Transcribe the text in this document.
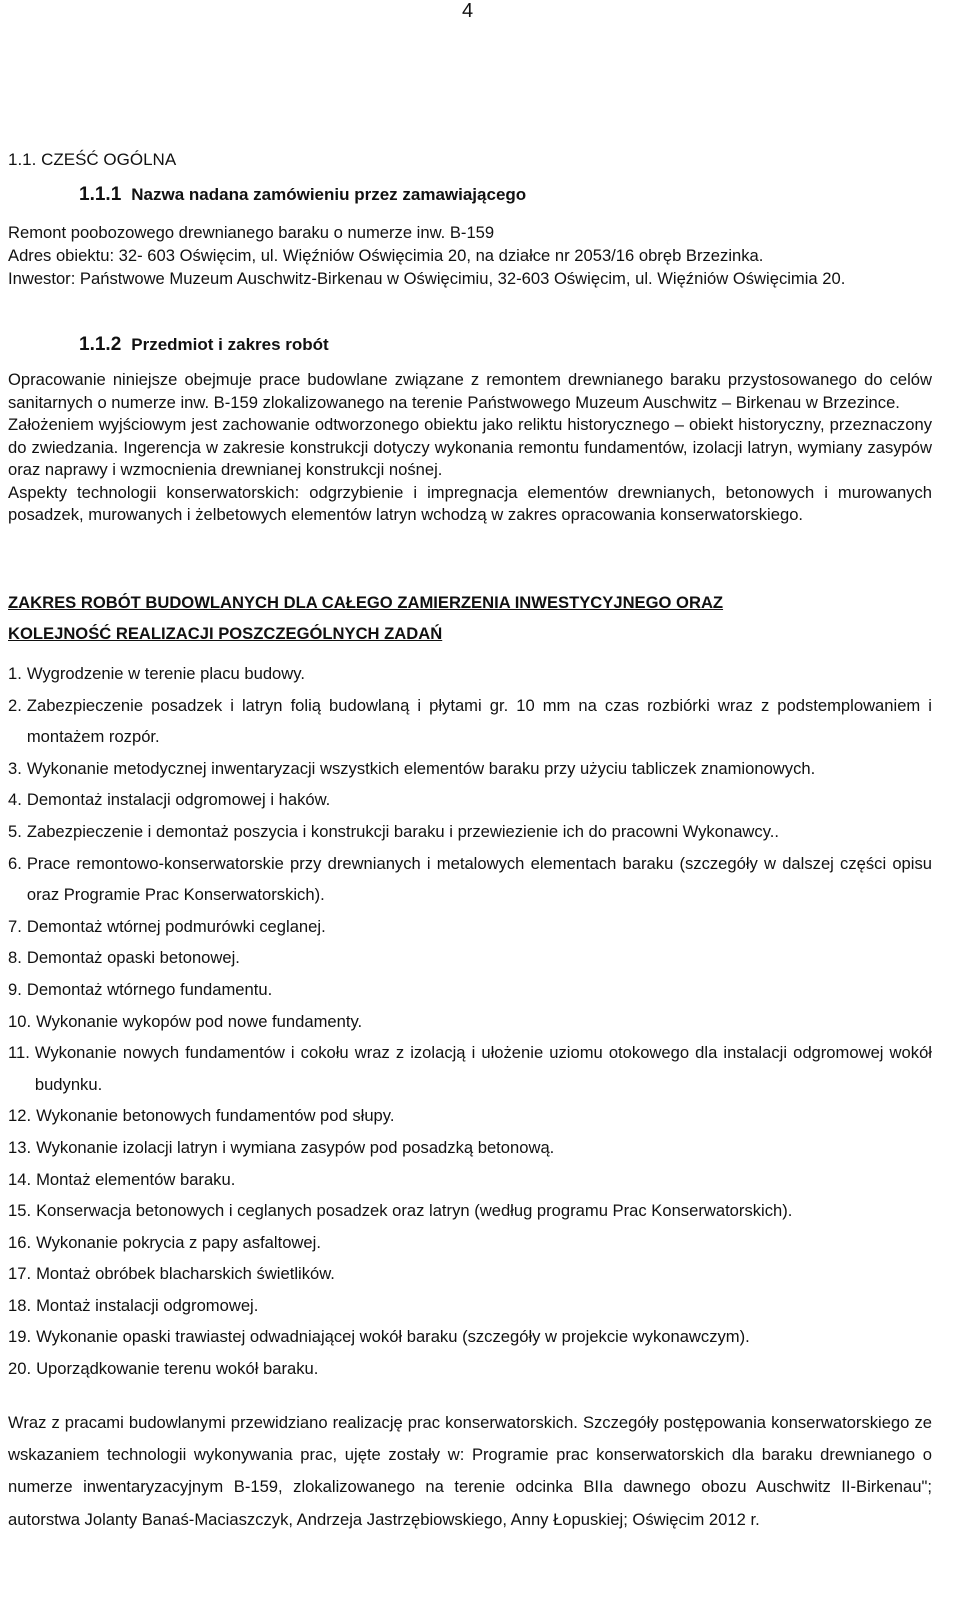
4
1.1. CZEŚĆ OGÓLNA
1.1.1 Nazwa nadana zamówieniu przez zamawiającego

Remont poobozowego drewnianego baraku o numerze inw. B-159

Adres obiektu: 32- 603 Oświęcim, ul. Więźniów Oświęcimia 20, na działce nr 2053/16 obręb Brzezinka.

Inwestor: Państwowe Muzeum Auschwitz-Birkenau w Oświęcimiu, 32-603 Oświęcim, ul. Więźniów Oświęcimia 20.

1.1.2 Przedmiot i zakres robót

Opracowanie niniejsze obejmuje prace budowlane związane z remontem drewnianego baraku przystosowanego do celów sanitarnych o numerze inw. B-159 zlokalizowanego na terenie Państwowego Muzeum Auschwitz – Birkenau w Brzezince.

Założeniem wyjściowym jest zachowanie odtworzonego obiektu jako reliktu historycznego – obiekt historyczny, przeznaczony do zwiedzania. Ingerencja w zakresie konstrukcji dotyczy wykonania remontu fundamentów, izolacji latryn, wymiany zasypów oraz naprawy i wzmocnienia drewnianej konstrukcji nośnej.

Aspekty technologii konserwatorskich: odgrzybienie i impregnacja elementów drewnianych, betonowych i murowanych posadzek, murowanych i żelbetowych elementów latryn wchodzą w zakres opracowania konserwatorskiego.

ZAKRES ROBÓT BUDOWLANYCH DLA CAŁEGO ZAMIERZENIA INWESTYCYJNEGO ORAZ
KOLEJNOŚĆ REALIZACJI POSZCZEGÓLNYCH ZADAŃ
1. Wygrodzenie w terenie placu budowy.
2. Zabezpieczenie posadzek i latryn folią budowlaną i płytami gr. 10 mm na czas rozbiórki wraz z podstemplowaniem i montażem rozpór.
3. Wykonanie metodycznej inwentaryzacji wszystkich elementów baraku przy użyciu tabliczek znamionowych.
4. Demontaż instalacji odgromowej i haków.
5. Zabezpieczenie i demontaż poszycia i konstrukcji baraku i przewiezienie ich do pracowni Wykonawcy..
6. Prace remontowo-konserwatorskie przy drewnianych i metalowych elementach baraku (szczegóły w dalszej części opisu oraz Programie Prac Konserwatorskich).
7. Demontaż wtórnej podmurówki ceglanej.
8. Demontaż opaski betonowej.
9. Demontaż wtórnego fundamentu.
10. Wykonanie wykopów pod nowe fundamenty.
11. Wykonanie nowych fundamentów i cokołu wraz z izolacją i ułożenie uziomu otokowego dla instalacji odgromowej wokół budynku.
12. Wykonanie betonowych fundamentów pod słupy.
13. Wykonanie izolacji latryn i wymiana zasypów pod posadzką betonową.
14. Montaż elementów baraku.
15. Konserwacja betonowych i ceglanych posadzek oraz latryn (według programu Prac Konserwatorskich).
16. Wykonanie pokrycia z papy asfaltowej.
17. Montaż obróbek blacharskich świetlików.
18. Montaż instalacji odgromowej.
19. Wykonanie opaski trawiastej odwadniającej wokół baraku (szczegóły w projekcie wykonawczym).
20. Uporządkowanie terenu wokół baraku.

Wraz z pracami budowlanymi przewidziano realizację prac konserwatorskich. Szczegóły postępowania konserwatorskiego ze wskazaniem technologii wykonywania prac, ujęte zostały w: Programie prac konserwatorskich dla baraku drewnianego o numerze inwentaryzacyjnym B-159, zlokalizowanego na terenie odcinka BIIa dawnego obozu Auschwitz II-Birkenau"; autorstwa Jolanty Banaś-Maciaszczyk, Andrzeja Jastrzębiowskiego, Anny Łopuskiej; Oświęcim 2012 r.
